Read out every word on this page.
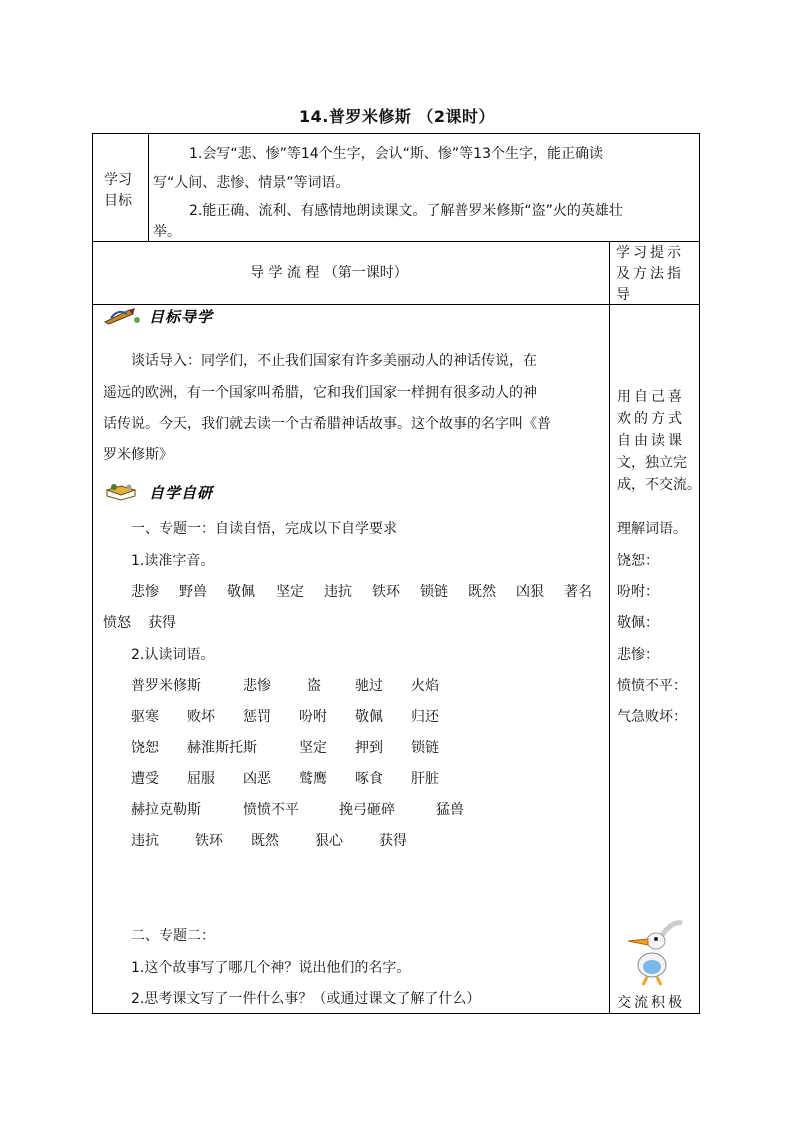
14.普罗米修斯 （2课时）
学习
目标
1.会写“悲、惨”等14个生字，会认“斯、惨”等13个生字，能正确读
写“人间、悲惨、情景”等词语。
2.能正确、流利、有感情地朗读课文。了解普罗米修斯“盗”火的英雄壮
举。
导 学 流 程 （第一课时）
学习提示
及方法指
导
目标导学
谈话导入：同学们，不止我们国家有许多美丽动人的神话传说，在
遥远的欧洲，有一个国家叫希腊，它和我们国家一样拥有很多动人的神
话传说。今天，我们就去读一个古希腊神话故事。这个故事的名字叫《普
罗米修斯》
自学自研
一、专题一：自读自悟，完成以下自学要求
1.读准字音。
悲惨 野兽 敬佩 坚定 违抗 铁环 锁链 既然 凶狠 著名
愤怒 获得
2.认读词语。
普罗米修斯	悲惨	盗 驰过 火焰
驱寒 败坏 惩罚 吩咐 敬佩 归还
饶恕 赫淮斯托斯	坚定 押到 锁链
遭受 屈服 凶恶 鹫鹰 啄食 肝脏
赫拉克勒斯	愤愤不平	挽弓砸碎	猛兽
违抗	铁环 既然	狠心	获得
二、专题二：
1.这个故事写了哪几个神？说出他们的名字。
2.思考课文写了一件什么事？（或通过课文了解了什么）
用自己喜
欢的方式
自由读课
文，独立完
成，不交流。
理解词语。
饶恕：
吩咐：
敬佩：
悲惨：
愤愤不平：
气急败坏：
交流积极
